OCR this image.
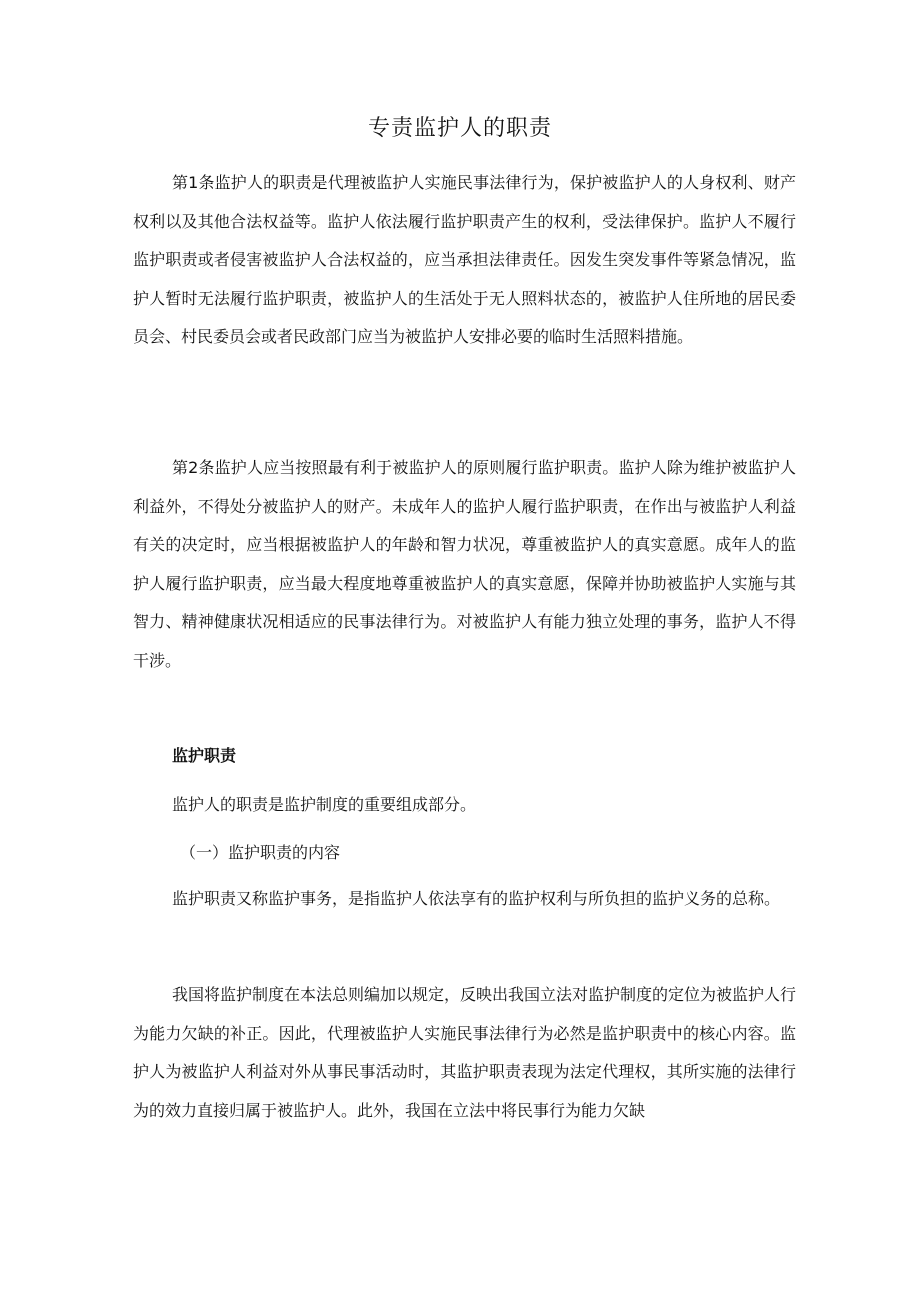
专责监护人的职责

第1条监护人的职责是代理被监护人实施民事法律行为，保护被监护人的人身权利、财产权利以及其他合法权益等。监护人依法履行监护职责产生的权利，受法律保护。监护人不履行监护职责或者侵害被监护人合法权益的，应当承担法律责任。因发生突发事件等紧急情况，监护人暂时无法履行监护职责，被监护人的生活处于无人照料状态的，被监护人住所地的居民委员会、村民委员会或者民政部门应当为被监护人安排必要的临时生活照料措施。

第2条监护人应当按照最有利于被监护人的原则履行监护职责。监护人除为维护被监护人利益外，不得处分被监护人的财产。未成年人的监护人履行监护职责，在作出与被监护人利益有关的决定时，应当根据被监护人的年龄和智力状况，尊重被监护人的真实意愿。成年人的监护人履行监护职责，应当最大程度地尊重被监护人的真实意愿，保障并协助被监护人实施与其智力、精神健康状况相适应的民事法律行为。对被监护人有能力独立处理的事务，监护人不得干涉。

监护职责

监护人的职责是监护制度的重要组成部分。

（一）监护职责的内容

监护职责又称监护事务，是指监护人依法享有的监护权利与所负担的监护义务的总称。

我国将监护制度在本法总则编加以规定，反映出我国立法对监护制度的定位为被监护人行为能力欠缺的补正。因此，代理被监护人实施民事法律行为必然是监护职责中的核心内容。监护人为被监护人利益对外从事民事活动时，其监护职责表现为法定代理权，其所实施的法律行为的效力直接归属于被监护人。此外，我国在立法中将民事行为能力欠缺
